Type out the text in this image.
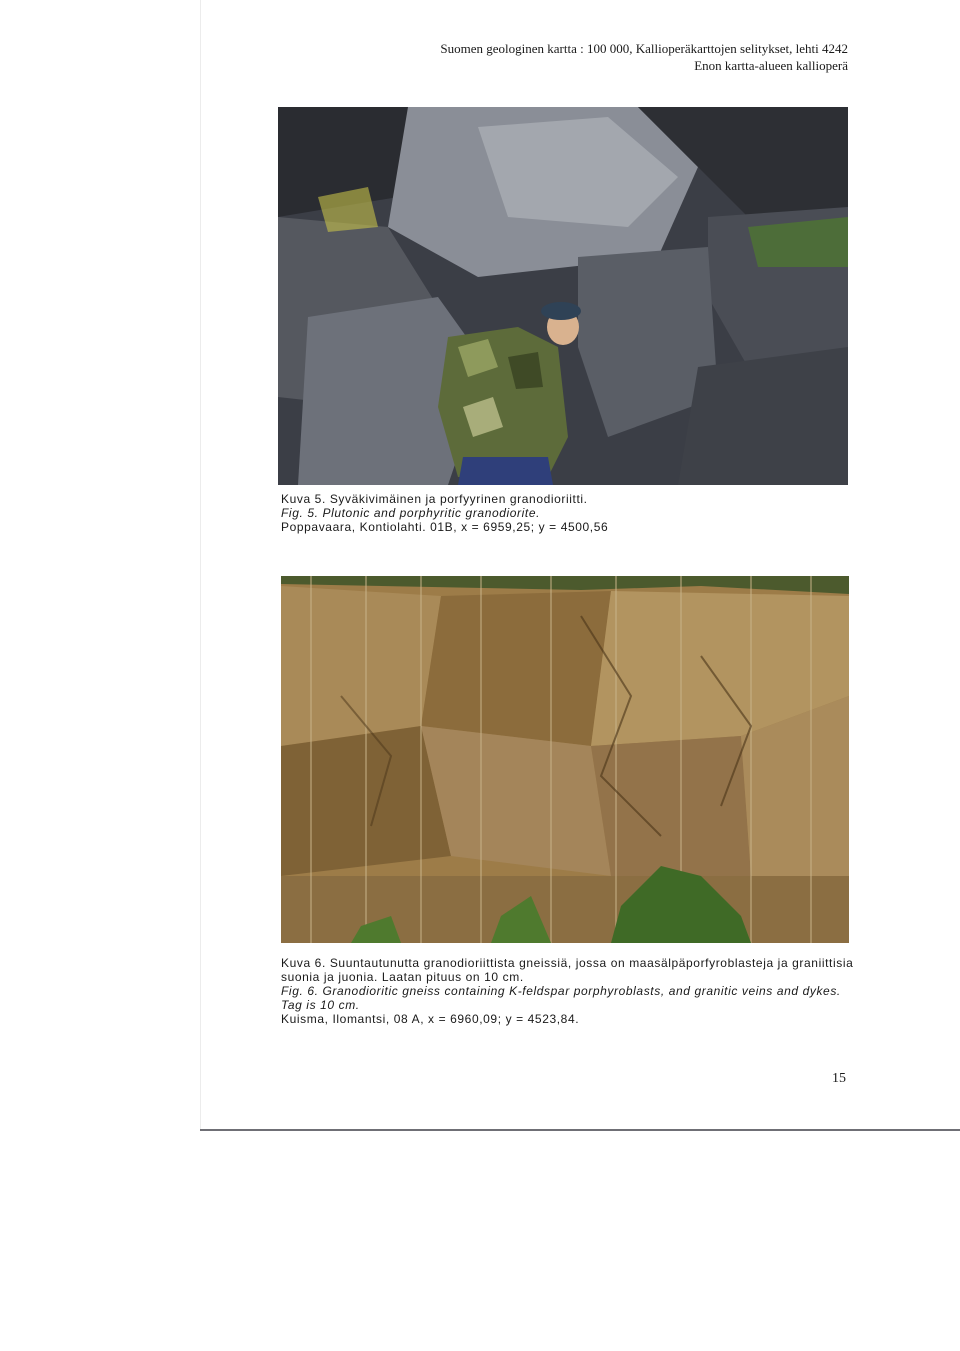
Suomen geologinen kartta : 100 000, Kallioperäkarttojen selitykset, lehti 4242
Enon kartta-alueen kallioperä
Kuva 5. Syväkivimäinen ja porfyyrinen granodioriitti.
Fig. 5. Plutonic and porphyritic granodiorite.
Poppavaara, Kontiolahti. 01B, x = 6959,25; y = 4500,56
Kuva 6. Suuntautunutta granodioriittista gneissiä, jossa on maasälpäporfyroblasteja ja graniittisia
suonia ja juonia. Laatan pituus on 10 cm.
Fig. 6. Granodioritic gneiss containing K-feldspar porphyroblasts, and granitic veins and dykes.
Tag is 10 cm.
Kuisma, Ilomantsi, 08 A, x = 6960,09; y = 4523,84.
15
